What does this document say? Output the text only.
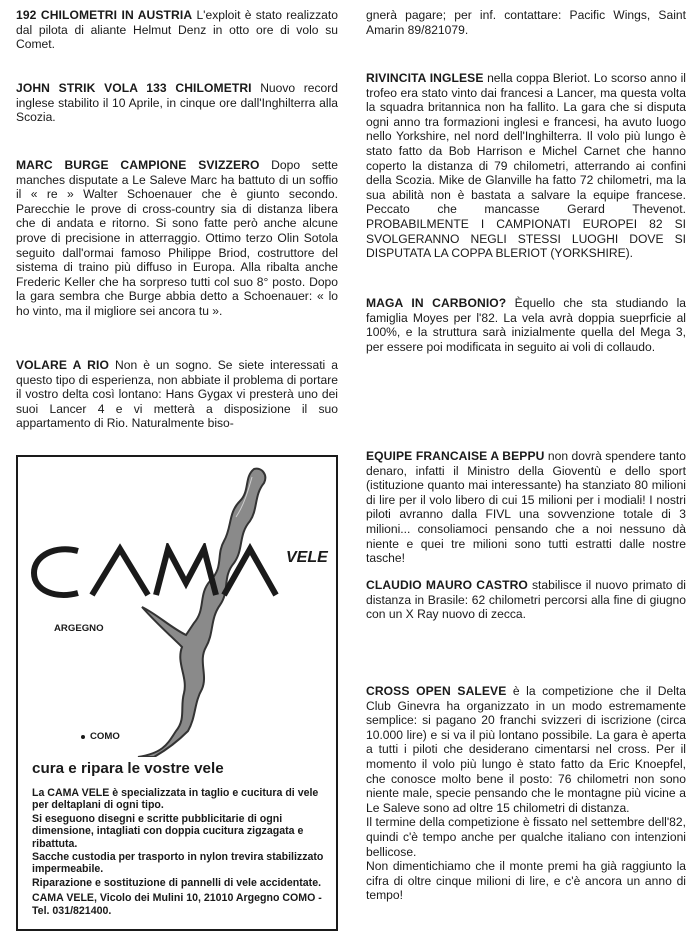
192 CHILOMETRI IN AUSTRIA L'exploit è stato realizzato dal pilota di aliante Helmut Denz in otto ore di volo su Comet.

JOHN STRIK VOLA 133 CHILOMETRI Nuovo record inglese stabilito il 10 Aprile, in cinque ore dall'Inghilterra alla Scozia.

MARC BURGE CAMPIONE SVIZZERO Dopo sette manches disputate a Le Saleve Marc ha battuto di un soffio il « re » Walter Schoenauer che è giunto secondo. Parecchie le prove di cross-country sia di distanza libera che di andata e ritorno. Si sono fatte però anche alcune prove di precisione in atterraggio. Ottimo terzo Olin Sotola seguito dall'ormai famoso Philippe Briod, costruttore del sistema di traino più diffuso in Europa. Alla ribalta anche Frederic Keller che ha sorpreso tutti col suo 8° posto. Dopo la gara sembra che Burge abbia detto a Schoenauer: « lo ho vinto, ma il migliore sei ancora tu ».

VOLARE A RIO Non è un sogno. Se siete interessati a questo tipo di esperienza, non abbiate il problema di portare il vostro delta così lontano: Hans Gygax vi presterà uno dei suoi Lancer 4 e vi metterà a disposizione il suo appartamento di Rio. Naturalmente biso-

gnerà pagare; per inf. contattare: Pacific Wings, Saint Amarin 89/821079.

RIVINCITA INGLESE nella coppa Bleriot. Lo scorso anno il trofeo era stato vinto dai francesi a Lancer, ma questa volta la squadra britannica non ha fallito. La gara che si disputa ogni anno tra formazioni inglesi e francesi, ha avuto luogo nello Yorkshire, nel nord dell'Inghilterra. Il volo più lungo è stato fatto da Bob Harrison e Michel Carnet che hanno coperto la distanza di 79 chilometri, atterrando ai confini della Scozia. Mike de Glanville ha fatto 72 chilometri, ma la sua abilità non è bastata a salvare la equipe francese. Peccato che mancasse Gerard Thevenot. PROBABILMENTE I CAMPIONATI EUROPEI 82 SI SVOLGERANNO NEGLI STESSI LUOGHI DOVE SI DISPUTATA LA COPPA BLERIOT (YORKSHIRE).

MAGA IN CARBONIO? Èquello che sta studiando la famiglia Moyes per l'82. La vela avrà doppia sueprficie al 100%, e la struttura sarà inizialmente quella del Mega 3, per essere poi modificata in seguito ai voli di collaudo.

EQUIPE FRANCAISE A BEPPU non dovrà spendere tanto denaro, infatti il Ministro della Gioventù e dello sport (istituzione quanto mai interessante) ha stanziato 80 milioni di lire per il volo libero di cui 15 milioni per i modiali! I nostri piloti avranno dalla FIVL una sovvenzione totale di 3 milioni... consoliamoci pensando che a noi nessuno dà niente e quei tre milioni sono tutti estratti dalle nostre tasche!

CLAUDIO MAURO CASTRO stabilisce il nuovo primato di distanza in Brasile: 62 chilometri percorsi alla fine di giugno con un X Ray nuovo di zecca.

CROSS OPEN SALEVE è la competizione che il Delta Club Ginevra ha organizzato in un modo estremamente semplice: si pagano 20 franchi svizzeri di iscrizione (circa 10.000 lire) e si va il più lontano possibile. La gara è aperta a tutti i piloti che desiderano cimentarsi nel cross. Per il momento il volo più lungo è stato fatto da Eric Knoepfel, che conosce molto bene il posto: 76 chilometri non sono niente male, specie pensando che le montagne più vicine a Le Saleve sono ad oltre 15 chilometri di distanza.

Il termine della competizione è fissato nel settembre dell'82, quindi c'è tempo anche per qualche italiano con intenzioni bellicose.

Non dimentichiamo che il monte premi ha già raggiunto la cifra di oltre cinque milioni di lire, e c'è ancora un anno di tempo!

VELE
ARGEGNO
COMO
cura e ripara le vostre vele

La CAMA VELE è specializzata in taglio e cucitura di vele per deltaplani di ogni tipo.

Si eseguono disegni e scritte pubblicitarie di ogni dimensione, intagliati con doppia cucitura zigzagata e ribattuta.

Sacche custodia per trasporto in nylon trevira stabilizzato impermeabile.

Riparazione e sostituzione di pannelli di vele accidentate.

CAMA VELE, Vicolo dei Mulini 10, 21010 Argegno COMO - Tel. 031/821400.
